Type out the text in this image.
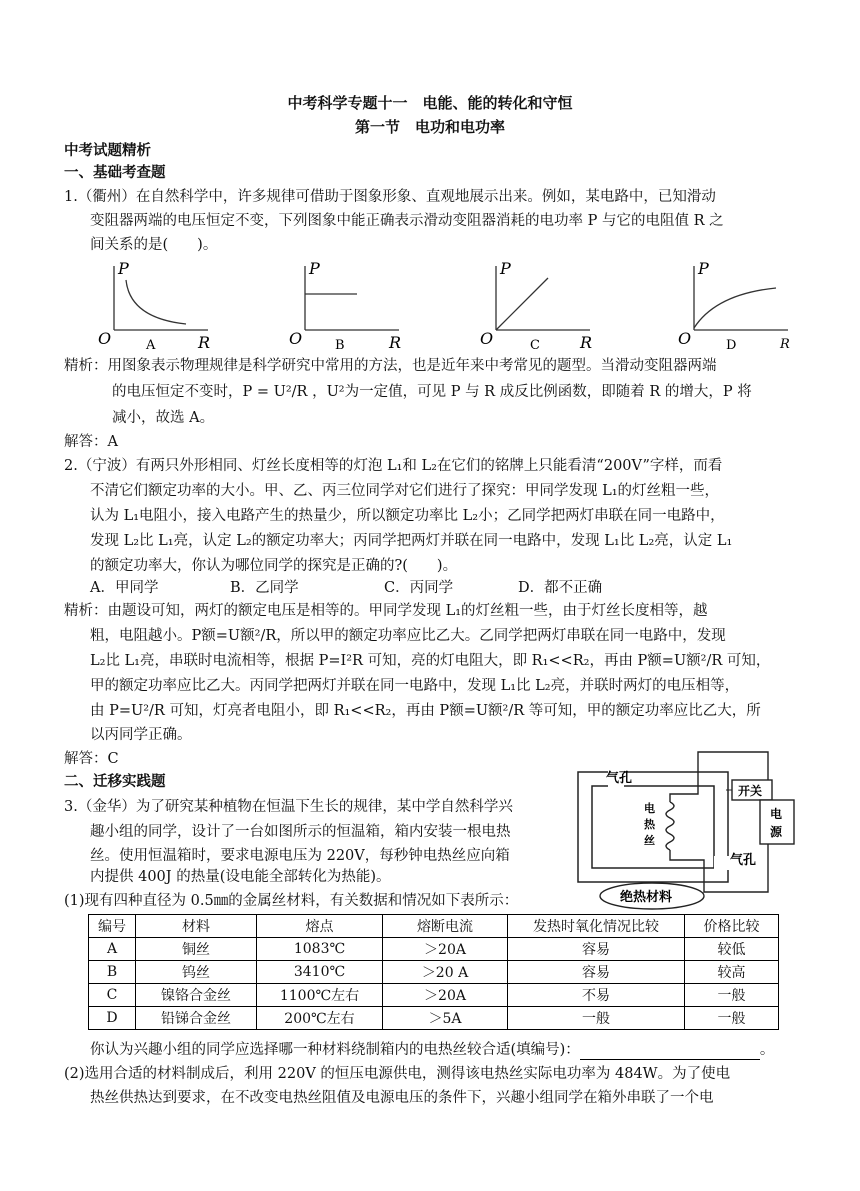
中考科学专题十一　电能、能的转化和守恒
第一节　电功和电功率
中考试题精析
一、基础考查题
1.（衢州）在自然科学中，许多规律可借助于图象形象、直观地展示出来。例如，某电路中，已知滑动
变阻器两端的电压恒定不变，下列图象中能正确表示滑动变阻器消耗的电功率 P 与它的电阻值 R 之
间关系的是(　　)。
P
O	R
A
P
O	R
B
P
O	R
C
P
O	R
D
精析：用图象表示物理规律是科学研究中常用的方法，也是近年来中考常见的题型。当滑动变阻器两端
的电压恒定不变时，P = U²/R ，U²为一定值，可见 P 与 R 成反比例函数，即随着 R 的增大，P 将
减小，故选 A。
解答：A
2.（宁波）有两只外形相同、灯丝长度相等的灯泡 L₁和 L₂在它们的铭牌上只能看清“200V”字样，而看
不清它们额定功率的大小。甲、乙、丙三位同学对它们进行了探究：甲同学发现 L₁的灯丝粗一些，
认为 L₁电阻小，接入电路产生的热量少，所以额定功率比 L₂小；乙同学把两灯串联在同一电路中，
发现 L₂比 L₁亮，认定 L₂的额定功率大；丙同学把两灯并联在同一电路中，发现 L₁比 L₂亮，认定 L₁
的额定功率大，你认为哪位同学的探究是正确的?(　　)。
A．甲同学	B．乙同学	C．丙同学	D．都不正确
精析：由题设可知，两灯的额定电压是相等的。甲同学发现 L₁的灯丝粗一些，由于灯丝长度相等，越
粗，电阻越小。P额=U额²/R，所以甲的额定功率应比乙大。乙同学把两灯串联在同一电路中，发现
L₂比 L₁亮，串联时电流相等，根据 P=I²R 可知，亮的灯电阻大，即 R₁<<R₂，再由 P额=U额²/R 可知，
甲的额定功率应比乙大。丙同学把两灯并联在同一电路中，发现 L₁比 L₂亮，并联时两灯的电压相等，
由 P=U²/R 可知，灯亮者电阻小，即 R₁<<R₂，再由 P额=U额²/R 等可知，甲的额定功率应比乙大，所
以丙同学正确。
解答：C
二、迁移实践题
3.（金华）为了研究某种植物在恒温下生长的规律，某中学自然科学兴
趣小组的同学，设计了一台如图所示的恒温箱，箱内安装一根电热
丝。使用恒温箱时，要求电源电压为 220V，每秒钟电热丝应向箱
内提供 400J 的热量(设电能全部转化为热能)。
气孔
电
热
丝
开关
电
源
气孔
绝热材料
(1)现有四种直径为 0.5㎜的金属丝材料，有关数据和情况如下表所示：
编号	材料	熔点	熔断电流	发热时氧化情况比较	价格比较
A	铜丝	1083℃	＞20A	容易	较低
B	钨丝	3410℃	＞20 A	容易	较高
C	镍铬合金丝	1100℃左右	＞20A	不易	一般
D	铅锑合金丝	200℃左右	＞5A	一般	一般
你认为兴趣小组的同学应选择哪一种材料绕制箱内的电热丝较合适(填编号)：	。
(2)选用合适的材料制成后，利用 220V 的恒压电源供电，测得该电热丝实际电功率为 484W。为了使电
热丝供热达到要求，在不改变电热丝阻值及电源电压的条件下，兴趣小组同学在箱外串联了一个电
